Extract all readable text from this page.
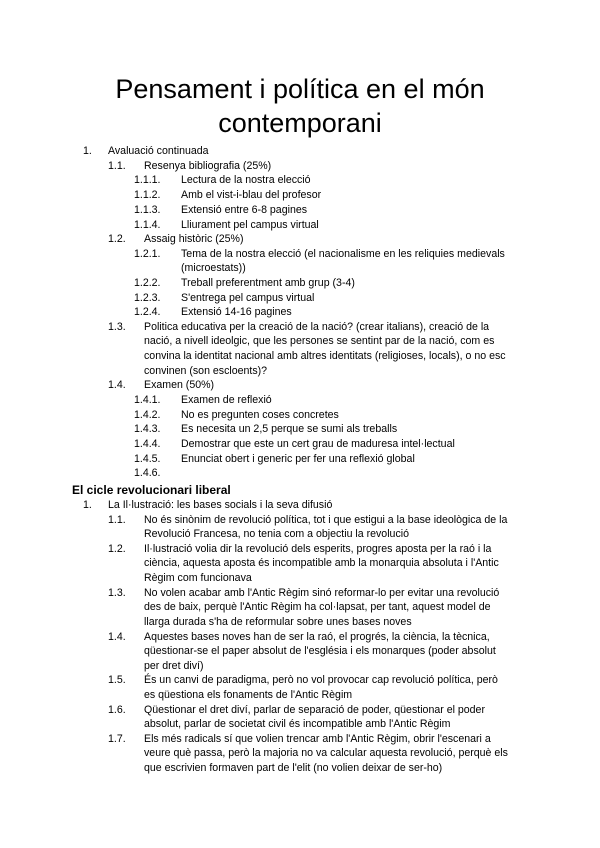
Pensament i política en el món
contemporani
1. Avaluació continuada
1.1. Resenya bibliografia (25%)
1.1.1. Lectura de la nostra elecció
1.1.2. Amb el vist-i-blau del profesor
1.1.3. Extensió entre 6-8 pagines
1.1.4. Lliurament pel campus virtual
1.2. Assaig històric (25%)
1.2.1. Tema de la nostra elecció (el nacionalisme en les reliquies medievals
(microestats))
1.2.2. Treball preferentment amb grup (3-4)
1.2.3. S'entrega pel campus virtual
1.2.4. Extensió 14-16 pagines
1.3. Politica educativa per la creació de la nació? (crear italians), creació de la
nació, a nivell ideolgic, que les persones se sentint par de la nació, com es
convina la identitat nacional amb altres identitats (religioses, locals), o no esc
convinen (son escloents)?
1.4. Examen (50%)
1.4.1. Examen de reflexió
1.4.2. No es pregunten coses concretes
1.4.3. Es necesita un 2,5 perque se sumi als treballs
1.4.4. Demostrar que este un cert grau de maduresa intel·lectual
1.4.5. Enunciat obert i generic per fer una reflexió global
1.4.6.
El cicle revolucionari liberal
1. La Il·lustració: les bases socials i la seva difusió
1.1. No és sinònim de revolució política, tot i que estigui a la base ideològica de la
Revolució Francesa, no tenia com a objectiu la revolució
1.2. Il·lustració volia dir la revolució dels esperits, progres aposta per la raó i la
ciència, aquesta aposta és incompatible amb la monarquia absoluta i l'Antic
Règim com funcionava
1.3. No volen acabar amb l'Antic Règim sinó reformar-lo per evitar una revolució
des de baix, perquè l'Antic Règim ha col·lapsat, per tant, aquest model de
llarga durada s'ha de reformular sobre unes bases noves
1.4. Aquestes bases noves han de ser la raó, el progrés, la ciència, la tècnica,
qüestionar-se el paper absolut de l'església i els monarques (poder absolut
per dret diví)
1.5. És un canvi de paradigma, però no vol provocar cap revolució política, però
es qüestiona els fonaments de l'Antic Règim
1.6. Qüestionar el dret diví, parlar de separació de poder, qüestionar el poder
absolut, parlar de societat civil és incompatible amb l'Antic Règim
1.7. Els més radicals sí que volien trencar amb l'Antic Règim, obrir l'escenari a
veure què passa, però la majoria no va calcular aquesta revolució, perquè els
que escrivien formaven part de l'elit (no volien deixar de ser-ho)
